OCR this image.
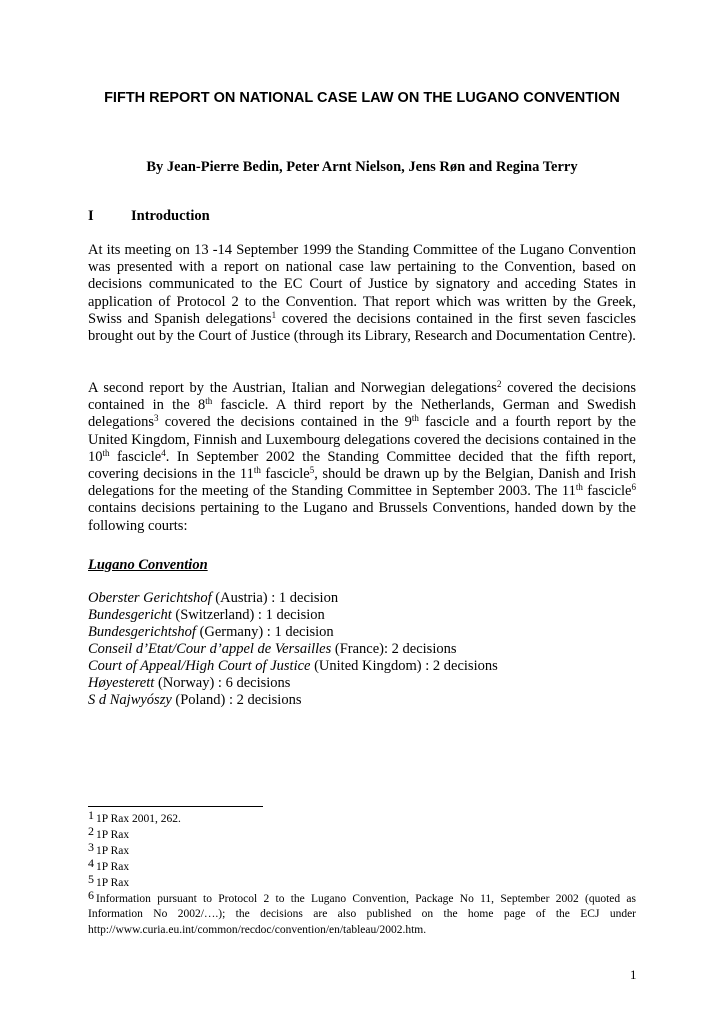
FIFTH REPORT ON NATIONAL CASE LAW ON THE LUGANO CONVENTION
By Jean-Pierre Bedin, Peter Arnt Nielson, Jens Røn and Regina Terry
I	Introduction

At its meeting on 13 -14 September 1999 the Standing Committee of the Lugano Convention was presented with a report on national case law pertaining to the Convention, based on decisions communicated to the EC Court of Justice by signatory and acceding States in application of Protocol 2 to the Convention. That report which was written by the Greek, Swiss and Spanish delegations$^1$ covered the decisions contained in the first seven fascicles brought out by the Court of Justice (through its Library, Research and Documentation Centre).

A second report by the Austrian, Italian and Norwegian delegations$^2$ covered the decisions contained in the 8th fascicle. A third report by the Netherlands, German and Swedish delegations$^3$ covered the decisions contained in the 9th fascicle and a fourth report by the United Kingdom, Finnish and Luxembourg delegations covered the decisions contained in the 10th fascicle$^4$. In September 2002 the Standing Committee decided that the fifth report, covering decisions in the 11th fascicle$^5$, should be drawn up by the Belgian, Danish and Irish delegations for the meeting of the Standing Committee in September 2003. The 11th fascicle$^6$ contains decisions pertaining to the Lugano and Brussels Conventions, handed down by the following courts:

Lugano Convention
Oberster Gerichtshof (Austria) : 1 decision
Bundesgericht (Switzerland) : 1 decision
Bundesgerichtshof (Germany) : 1 decision
Conseil d’Etat/Cour d’appel de Versailles (France): 2 decisions
Court of Appeal/High Court of Justice (United Kingdom) : 2 decisions
Høyesterett (Norway) : 6 decisions
S d Najwyószy (Poland) : 2 decisions
$^1$ 1P Rax 2001, 262.
$^2$ 1P Rax
$^3$ 1P Rax
$^4$ 1P Rax
$^5$ 1P Rax
$^6$ Information pursuant to Protocol 2 to the Lugano Convention, Package No 11, September 2002 (quoted as Information No 2002/….); the decisions are also published on the home page of the ECJ under http://www.curia.eu.int/common/recdoc/convention/en/tableau/2002.htm.
1
